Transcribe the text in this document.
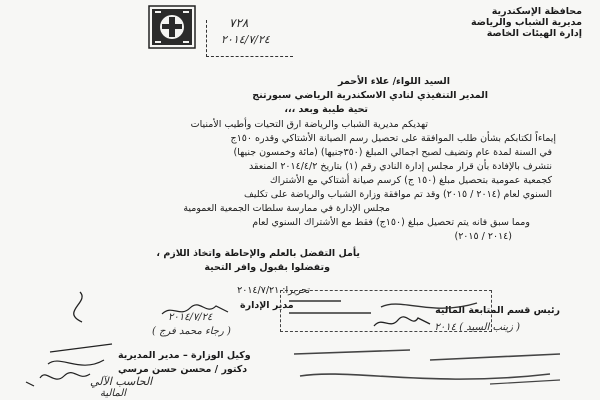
محافظة الإسكندرية
مديرية الشباب والرياضة
إدارة الهيئات الخاصة
٧٢٨
٢٠١٤/٧/٢٤
السيد اللواء/ علاء الأحمر
المدير التنفيذي لنادي الاسكندرية الرياضي سبورتنج
تحية طيبة وبعد ،،،
تهديكم مديرية الشباب والرياضة ارق التحيات وأطيب الأمنيات
إيماءاً لكتابكم بشأن طلب الموافقة على تحصيل رسم الصيانة الأشتاكي وقدره ١٥٠ج
في السنة لمدة عام وتضيف لصبح اجمالي المبلغ (٣٥٠جنيها) (مائة وخمسون جنيها)
نتشرف بالإفادة بأن قرار مجلس إدارة النادي رقم (١) بتاريخ ٢٠١٤/٤/٢ المنعقد
كجمعية عمومية بتحصيل مبلغ (١٥٠ ج) كرسم صيانة أشتاكي مع الأشتراك
السنوي لعام (٢٠١٤ / ٢٠١٥) وقد تم موافقة وزارة الشباب والرياضة على تكليف
مجلس الإدارة في ممارسة سلطات الجمعية العمومية
ومما سبق فانه يتم تحصيل مبلغ (١٥٠ج) فقط مع الأشتراك السنوي لعام
(٢٠١٤ / ٢٠١٥)
يأمل التفضل بالعلم والإحاطة واتخاذ اللازم ،
وتفضلوا بقبول وافر التحية
تحريرا: ٢٠١٤/٧/٢١
رئيس قسم المتابعة المالية
( زينب السيد ) ٢٠١٤
مدير الإدارة
٢٠١٤/٧/٢٤
( رجاء محمد فرج )
وكيل الوزارة – مدير المديرية
دكتور / محسن حسن مرسي
الحاسب الآلي
المالية
